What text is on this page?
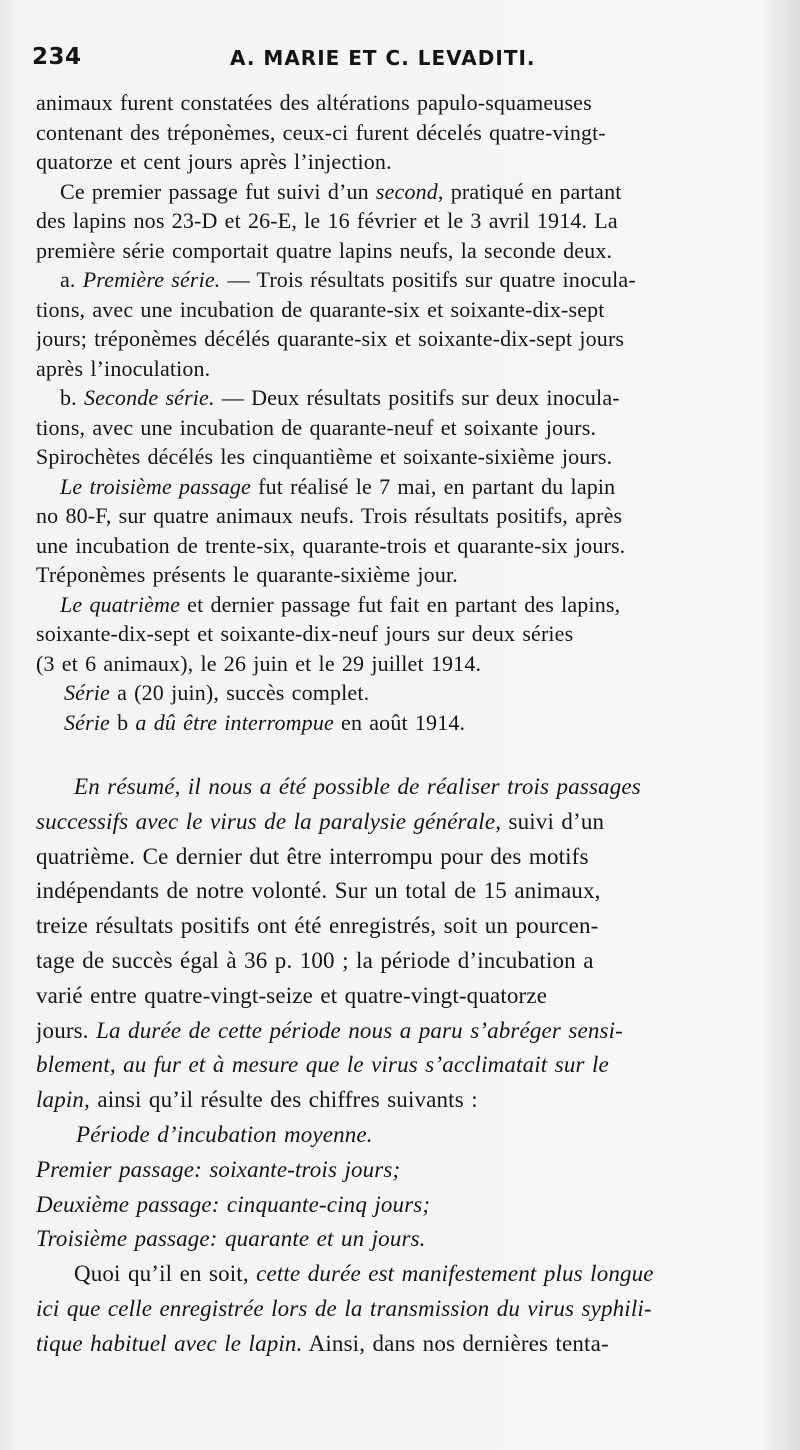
234	A. MARIE ET C. LEVADITI.
animaux furent constatées des altérations papulo-squameuses
contenant des tréponèmes, ceux-ci furent décelés quatre-vingt-
quatorze et cent jours après l’injection.
Ce premier passage fut suivi d’un second, pratiqué en partant
des lapins nos 23-D et 26-E, le 16 février et le 3 avril 1914. La
première série comportait quatre lapins neufs, la seconde deux.
a. Première série. — Trois résultats positifs sur quatre inocula-
tions, avec une incubation de quarante-six et soixante-dix-sept
jours; tréponèmes décélés quarante-six et soixante-dix-sept jours
après l’inoculation.
b. Seconde série. — Deux résultats positifs sur deux inocula-
tions, avec une incubation de quarante-neuf et soixante jours.
Spirochètes décélés les cinquantième et soixante-sixième jours.
Le troisième passage fut réalisé le 7 mai, en partant du lapin
no 80-F, sur quatre animaux neufs. Trois résultats positifs, après
une incubation de trente-six, quarante-trois et quarante-six jours.
Tréponèmes présents le quarante-sixième jour.
Le quatrième et dernier passage fut fait en partant des lapins,
soixante-dix-sept et soixante-dix-neuf jours sur deux séries
(3 et 6 animaux), le 26 juin et le 29 juillet 1914.
Série a (20 juin), succès complet.
Série b a dû être interrompue en août 1914.
En résumé, il nous a été possible de réaliser trois passages
successifs avec le virus de la paralysie générale, suivi d’un
quatrième. Ce dernier dut être interrompu pour des motifs
indépendants de notre volonté. Sur un total de 15 animaux,
treize résultats positifs ont été enregistrés, soit un pourcen-
tage de succès égal à 36 p. 100 ; la période d’incubation a
varié entre quatre-vingt-seize et quatre-vingt-quatorze
jours. La durée de cette période nous a paru s’abréger sensi-
blement, au fur et à mesure que le virus s’acclimatait sur le
lapin, ainsi qu’il résulte des chiffres suivants :
Période d’incubation moyenne.
Premier passage: soixante-trois jours;
Deuxième passage: cinquante-cinq jours;
Troisième passage: quarante et un jours.
Quoi qu’il en soit, cette durée est manifestement plus longue
ici que celle enregistrée lors de la transmission du virus syphili-
tique habituel avec le lapin. Ainsi, dans nos dernières tenta-
